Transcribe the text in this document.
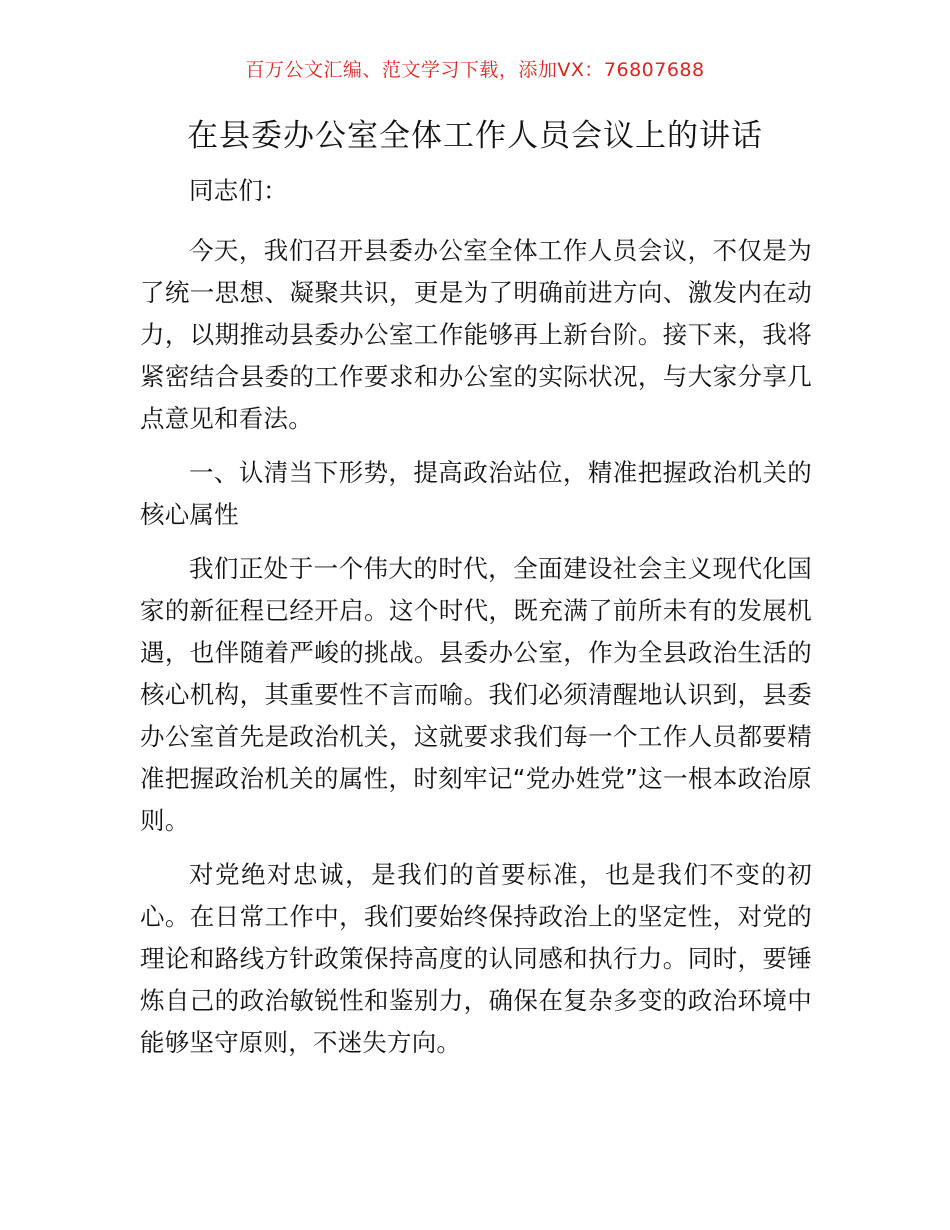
百万公文汇编、范文学习下载，添加VX：76807688
在县委办公室全体工作人员会议上的讲话

同志们：

今天，我们召开县委办公室全体工作人员会议，不仅是为了统一思想、凝聚共识，更是为了明确前进方向、激发内在动力，以期推动县委办公室工作能够再上新台阶。接下来，我将紧密结合县委的工作要求和办公室的实际状况，与大家分享几点意见和看法。

一、认清当下形势，提高政治站位，精准把握政治机关的核心属性

我们正处于一个伟大的时代，全面建设社会主义现代化国家的新征程已经开启。这个时代，既充满了前所未有的发展机遇，也伴随着严峻的挑战。县委办公室，作为全县政治生活的核心机构，其重要性不言而喻。我们必须清醒地认识到，县委办公室首先是政治机关，这就要求我们每一个工作人员都要精准把握政治机关的属性，时刻牢记“党办姓党”这一根本政治原则。

对党绝对忠诚，是我们的首要标准，也是我们不变的初心。在日常工作中，我们要始终保持政治上的坚定性，对党的理论和路线方针政策保持高度的认同感和执行力。同时，要锤炼自己的政治敏锐性和鉴别力，确保在复杂多变的政治环境中能够坚守原则，不迷失方向。
